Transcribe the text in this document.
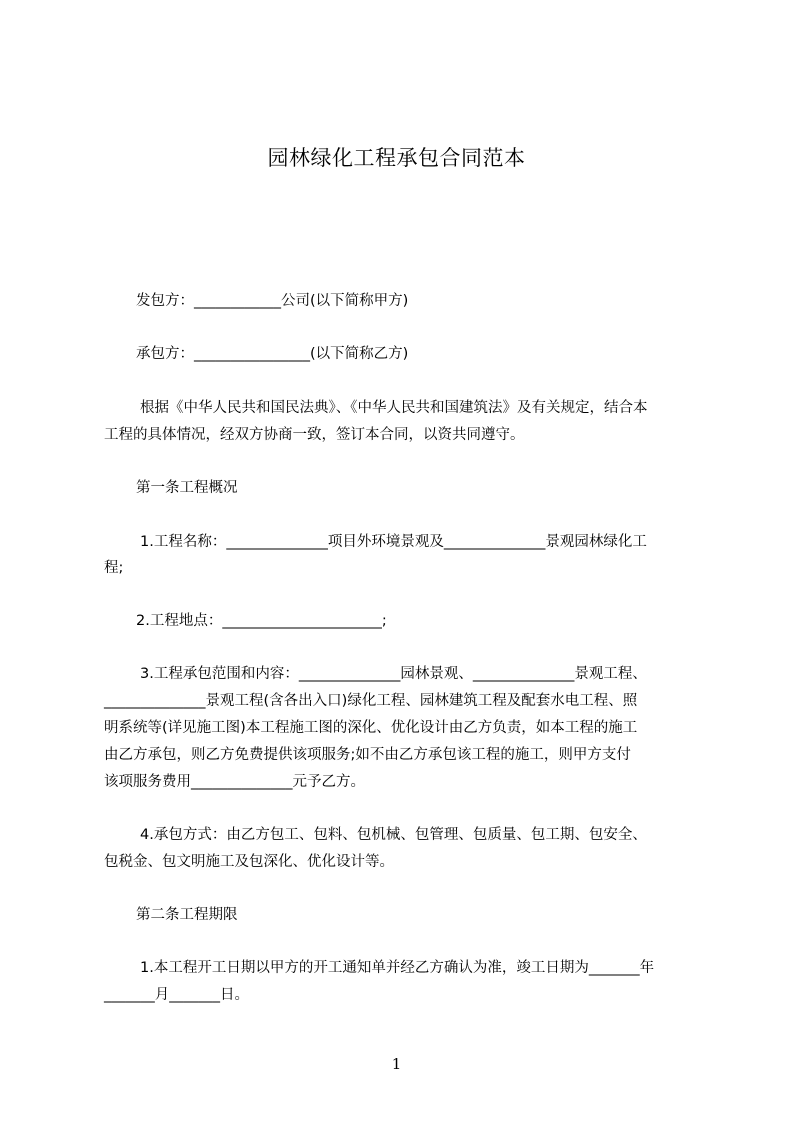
园林绿化工程承包合同范本
发包方：____________公司(以下简称甲方)
承包方：________________(以下简称乙方)
根据《中华人民共和国民法典》、《中华人民共和国建筑法》及有关规定，结合本
工程的具体情况，经双方协商一致，签订本合同，以资共同遵守。
第一条工程概况
1.工程名称：______________项目外环境景观及______________景观园林绿化工
程;
2.工程地点：______________________;
3.工程承包范围和内容：______________园林景观、______________景观工程、
______________景观工程(含各出入口)绿化工程、园林建筑工程及配套水电工程、照
明系统等(详见施工图)本工程施工图的深化、优化设计由乙方负责，如本工程的施工
由乙方承包，则乙方免费提供该项服务;如不由乙方承包该工程的施工，则甲方支付
该项服务费用______________元予乙方。
4.承包方式：由乙方包工、包料、包机械、包管理、包质量、包工期、包安全、
包税金、包文明施工及包深化、优化设计等。
第二条工程期限
1.本工程开工日期以甲方的开工通知单并经乙方确认为准，竣工日期为_______年
_______月_______日。
1
